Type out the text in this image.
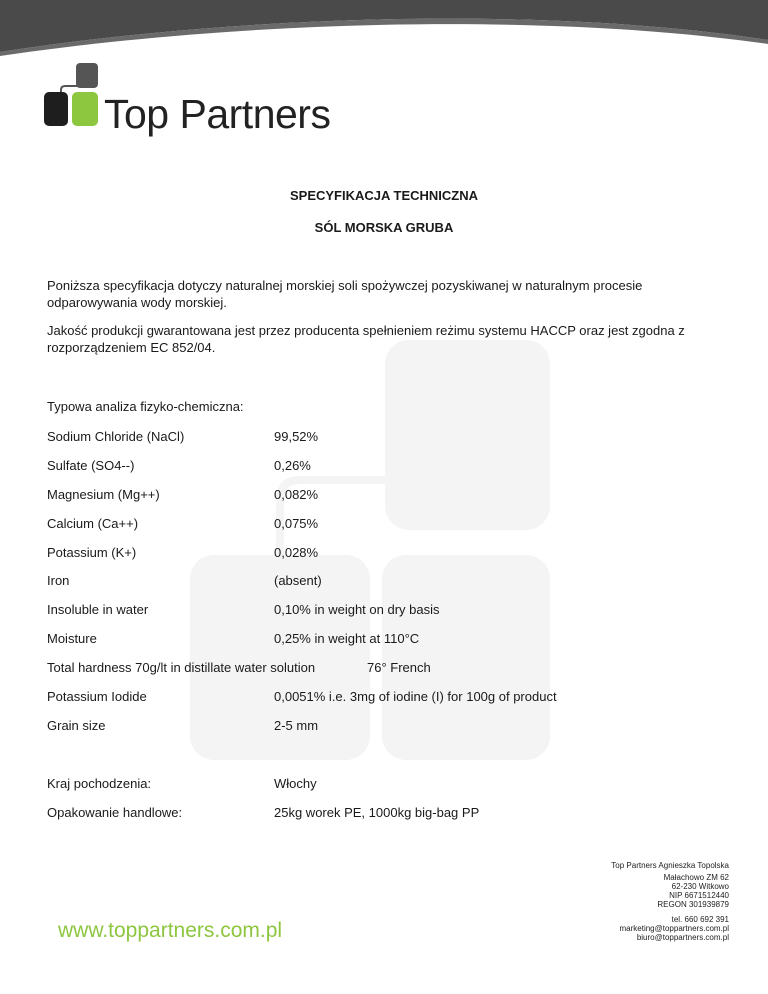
Top Partners
SPECYFIKACJA TECHNICZNA
SÓL MORSKA GRUBA
Poniższa specyfikacja dotyczy naturalnej morskiej soli spożywczej pozyskiwanej w naturalnym procesie odparowywania wody morskiej.
Jakość produkcji gwarantowana jest przez producenta spełnieniem reżimu systemu HACCP oraz jest zgodna z rozporządzeniem EC 852/04.
Typowa analiza fizyko-chemiczna:
Sodium Chloride (NaCl)	99,52%
Sulfate (SO4--)	0,26%
Magnesium (Mg++)	0,082%
Calcium (Ca++)	0,075%
Potassium (K+)	0,028%
Iron	(absent)
Insoluble in water	0,10% in weight on dry basis
Moisture	0,25% in weight at 110°C
Total hardness 70g/lt in distillate water solution	76° French
Potassium Iodide	0,0051% i.e. 3mg of iodine (I) for 100g of product
Grain size	2-5 mm
Kraj pochodzenia:	Włochy
Opakowanie handlowe:	25kg worek PE, 1000kg big-bag PP
www.toppartners.com.pl
Top Partners Agnieszka Topolska
Małachowo ZM 62
62-230 Witkowo
NIP 6671512440
REGON 301939879
tel. 660 692 391
marketing@toppartners.com.pl
biuro@toppartners.com.pl
